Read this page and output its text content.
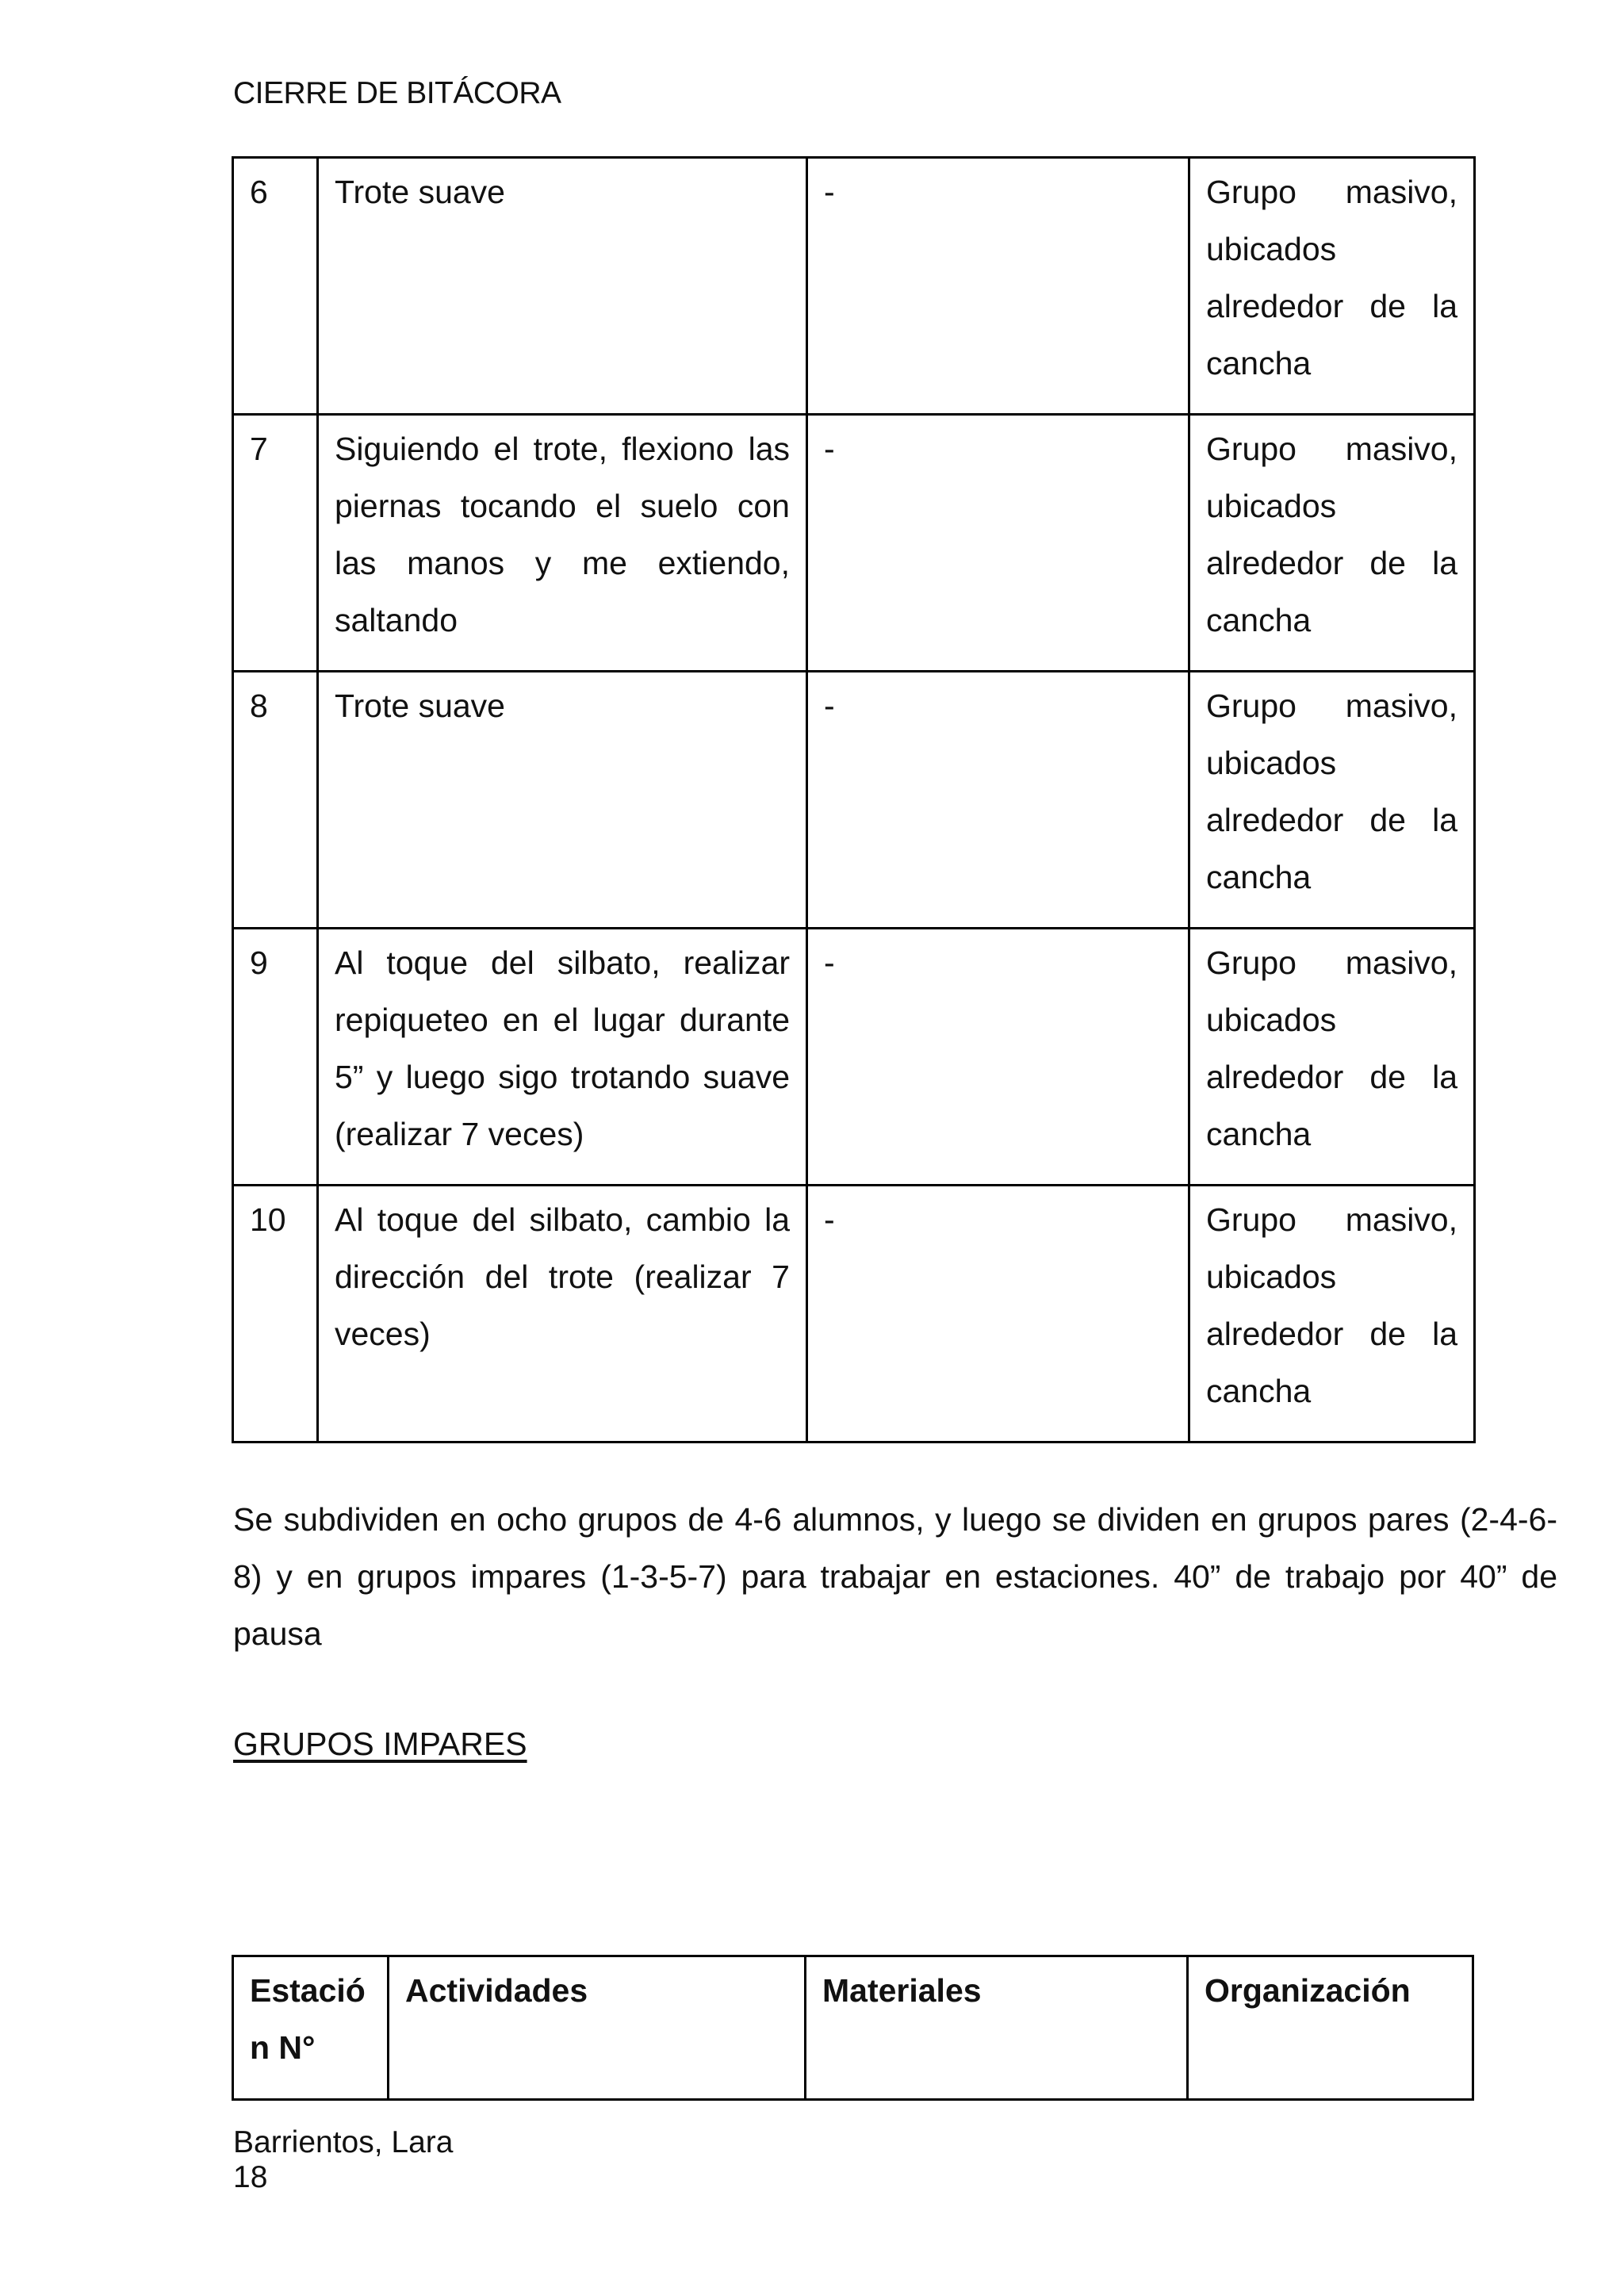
CIERRE DE BITÁCORA
6	Trote suave	-	Grupo masivo,
ubicados
alrededor de la
cancha

7	Siguiendo el trote, flexiono las piernas tocando el suelo con las manos y me extiendo, saltando	-	Grupo masivo,
ubicados
alrededor de la
cancha

8	Trote suave	-	Grupo masivo,
ubicados
alrededor de la
cancha

9	Al toque del silbato, realizar repiqueteo en el lugar durante 5” y luego sigo trotando suave (realizar 7 veces)	-	Grupo masivo,
ubicados
alrededor de la
cancha

10	Al toque del silbato, cambio la dirección del trote (realizar 7 veces)	-	Grupo masivo,
ubicados
alrededor de la
cancha

Se subdividen en ocho grupos de 4-6 alumnos, y luego se dividen en grupos pares (2-4-6-8) y en grupos impares (1-3-5-7) para trabajar en estaciones. 40” de trabajo por 40” de pausa

GRUPOS IMPARES
Estación N°	Actividades	Materiales	Organización
Barrientos, Lara
18
